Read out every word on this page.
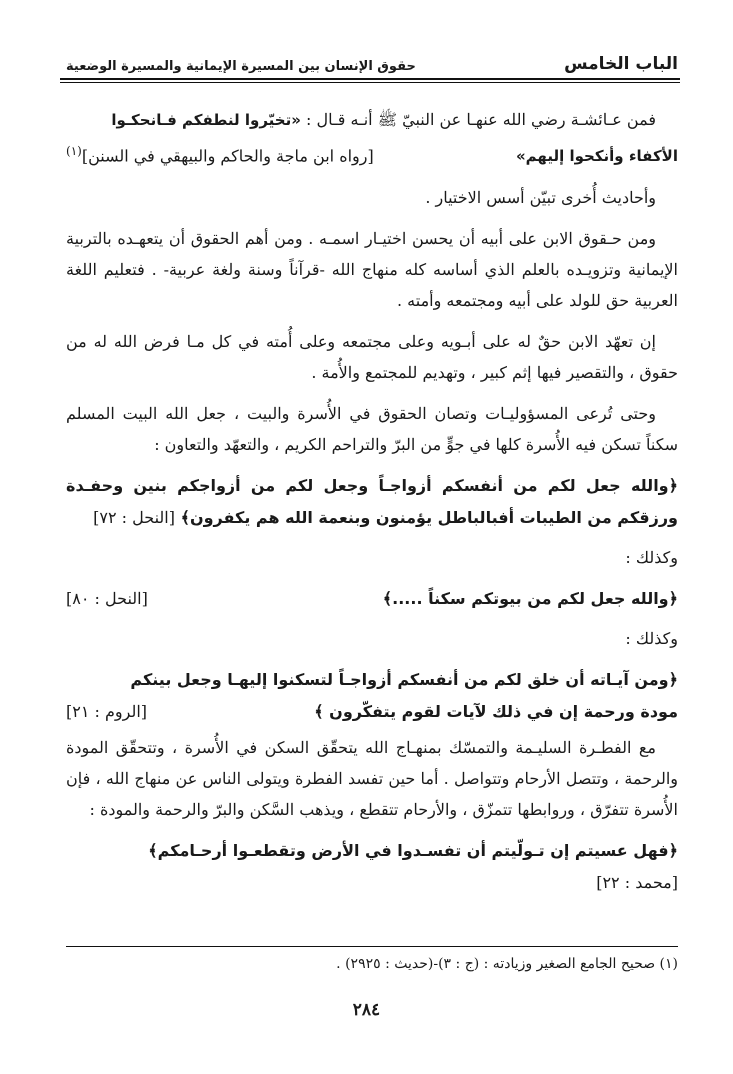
الباب الخامس
حقوق الإنسان بين المسيرة الإيمانية والمسيرة الوضعية

فمن عـائشـة رضي الله عنهـا عن النبيّ ﷺ أنـه قـال : «تخيّروا لنطفكم فـانحكـوا

الأكفاء وأنكحوا إليهم»
[رواه ابن ماجة والحاكم والبيهقي في السنن]$^{(١)}$

وأحاديث أُخرى تبيّن أسس الاختيار .

ومن حـقوق الابن على أبيه أن يحسن اختيـار اسمـه . ومن أهم الحقوق أن يتعهـده بالتربية الإيمانية وتزويـده بالعلم الذي أساسه كله منهاج الله -قرآناً وسنة ولغة عربية- . فتعليم اللغة العربية حق للولد على أبيه ومجتمعه وأمته .

إن تعهّد الابن حقٌ له على أبـويه وعلى مجتمعه وعلى أُمته في كل مـا فرض الله له من حقوق ، والتقصير فيها إثم كبير ، وتهديم للمجتمع والأُمة .

وحتى تُرعى المسؤوليـات وتصان الحقوق في الأُسرة والبيت ، جعل الله البيت المسلم سكناً تسكن فيه الأُسرة كلها في جوٍّ من البرّ والتراحم الكريم ، والتعهّد والتعاون :

﴿والله جعل لكم من أنفسكم أزواجـاً وجعل لكم من أزواجكم بنين وحفـدة ورزقكم من الطيبات أفبالباطل يؤمنون وبنعمة الله هم يكفرون﴾ [النحل : ٧٢]

وكذلك :

﴿والله جعل لكم من بيوتكم سكناً .....﴾
[النحل : ٨٠]

وكذلك :

﴿ومن آيـاته أن خلق لكم من أنفسكم أزواجـاً لتسكنوا إليهـا وجعل بينكم
مودة ورحمة إن في ذلك لآيات لقوم يتفكّرون ﴾
[الروم : ٢١]

مع الفطـرة السليـمة والتمسّك بمنهـاج الله يتحقّق السكن في الأُسرة ، وتتحقّق المودة والرحمة ، وتتصل الأرحام وتتواصل . أما حين تفسد الفطرة ويتولى الناس عن منهاج الله ، فإن الأُسرة تتفرّق ، وروابطها تتمزّق ، والأرحام تتقطع ، ويذهب السَّكن والبرّ والرحمة والمودة :

﴿فهل عسيتم إن تـولّيتم أن تفسـدوا في الأرض وتقطعـوا أرحـامكم﴾
[محمد : ٢٢]
(١) صحيح الجامع الصغير وزيادته : (ج : ٣)-(حديث : ٢٩٢٥) .
٢٨٤
